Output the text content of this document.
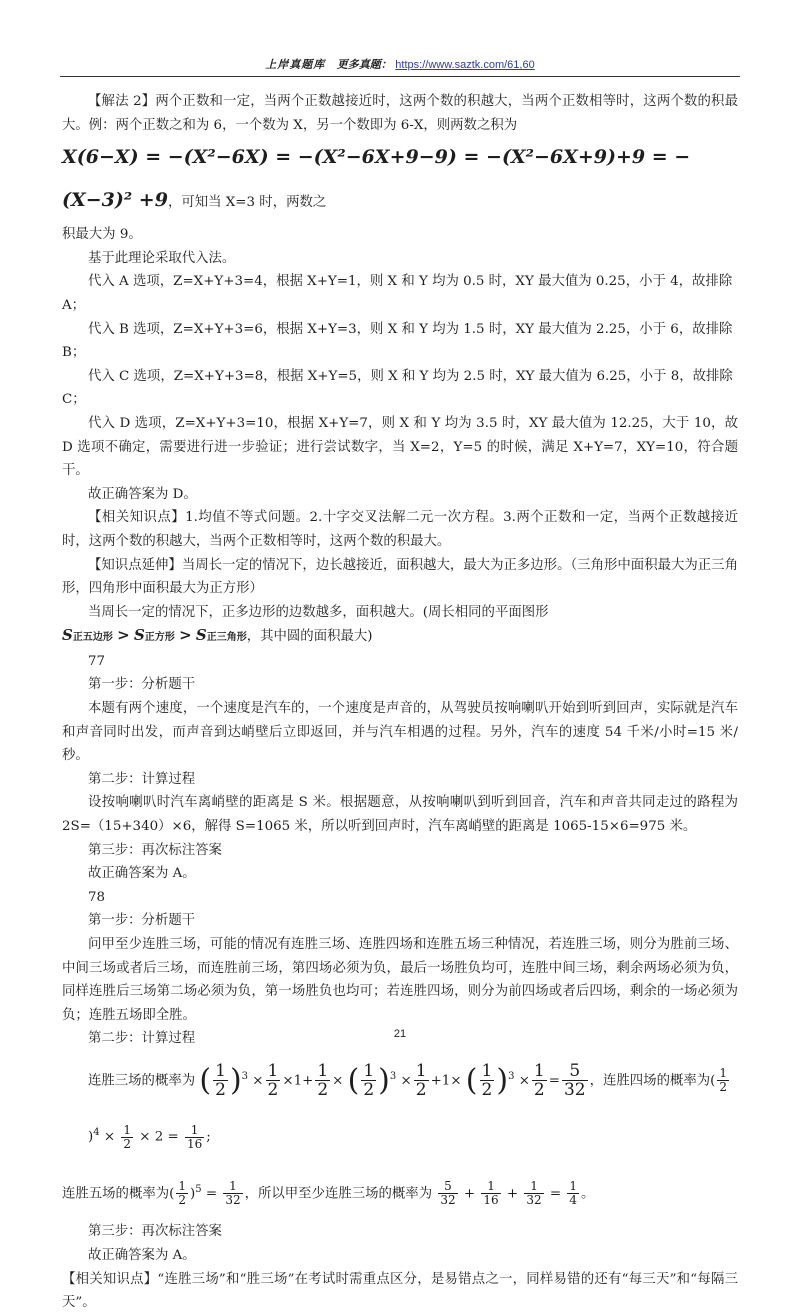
上岸真题库 更多真题： https://www.saztk.com/61,60

【解法 2】两个正数和一定，当两个正数越接近时，这两个数的积越大，当两个正数相等时，这两个数的积最大。例：两个正数之和为 6，一个数为 X，另一个数即为 6-X，则两数之积为

X(6−X) = −(X²−6X) = −(X²−6X+9−9) = −(X²−6X+9)+9 = −(X−3)² +9，可知当 X=3 时，两数之

积最大为 9。

基于此理论采取代入法。

代入 A 选项，Z=X+Y+3=4，根据 X+Y=1，则 X 和 Y 均为 0.5 时，XY 最大值为 0.25，小于 4，故排除 A；

代入 B 选项，Z=X+Y+3=6，根据 X+Y=3，则 X 和 Y 均为 1.5 时，XY 最大值为 2.25，小于 6，故排除 B；

代入 C 选项，Z=X+Y+3=8，根据 X+Y=5，则 X 和 Y 均为 2.5 时，XY 最大值为 6.25，小于 8，故排除 C；

代入 D 选项，Z=X+Y+3=10，根据 X+Y=7，则 X 和 Y 均为 3.5 时，XY 最大值为 12.25，大于 10，故 D 选项不确定，需要进行进一步验证；进行尝试数字，当 X=2，Y=5 的时候，满足 X+Y=7，XY=10，符合题干。

故正确答案为 D。

【相关知识点】1.均值不等式问题。2.十字交叉法解二元一次方程。3.两个正数和一定，当两个正数越接近时，这两个数的积越大，当两个正数相等时，这两个数的积最大。

【知识点延伸】当周长一定的情况下，边长越接近，面积越大，最大为正多边形。（三角形中面积最大为正三角形，四角形中面积最大为正方形）

当周长一定的情况下，正多边形的边数越多，面积越大。(周长相同的平面图形

S正五边形 > S正方形 > S正三角形，其中圆的面积最大)

77

第一步：分析题干

本题有两个速度，一个速度是汽车的，一个速度是声音的，从驾驶员按响喇叭开始到听到回声，实际就是汽车和声音同时出发，而声音到达峭壁后立即返回，并与汽车相遇的过程。另外，汽车的速度 54 千米/小时=15 米/秒。

第二步：计算过程

设按响喇叭时汽车离峭壁的距离是 S 米。根据题意，从按响喇叭到听到回音，汽车和声音共同走过的路程为 2S=（15+340）×6，解得 S=1065 米，所以听到回声时，汽车离峭壁的距离是 1065-15×6=975 米。

第三步：再次标注答案

故正确答案为 A。

78

第一步：分析题干

问甲至少连胜三场，可能的情况有连胜三场、连胜四场和连胜五场三种情况，若连胜三场，则分为胜前三场、中间三场或者后三场，而连胜前三场，第四场必须为负，最后一场胜负均可，连胜中间三场，剩余两场必须为负，同样连胜后三场第二场必须为负，第一场胜负也均可；若连胜四场，则分为前四场或者后四场，剩余的一场必须为负；连胜五场即全胜。

第二步：计算过程

连胜三场的概率为 ( $\frac{1}{2} )^3 \times \frac{1}{2} \times 1+ \frac{1}{2}$ × ( $\frac{1}{2} )^3 \times \frac{1}{2} +1\times$ ( $\frac{1}{2} )^3 \times \frac{1}{2} = \frac{5}{32}$ ，连胜四场的概率为( $\frac{1}{2}$
)$^4 \times \frac{1}{2} \times 2 = \frac{1}{16}$ ;

连胜五场的概率为( $\frac{1}{2} )^5 = \frac{1}{32}$ ，所以甲至少连胜三场的概率为 $\frac{5}{32} + \frac{1}{16} + \frac{1}{32} = \frac{1}{4}$ 。

第三步：再次标注答案

故正确答案为 A。

【相关知识点】“连胜三场”和“胜三场”在考试时需重点区分，是易错点之一，同样易错的还有“每三天”和“每隔三天”。

21
